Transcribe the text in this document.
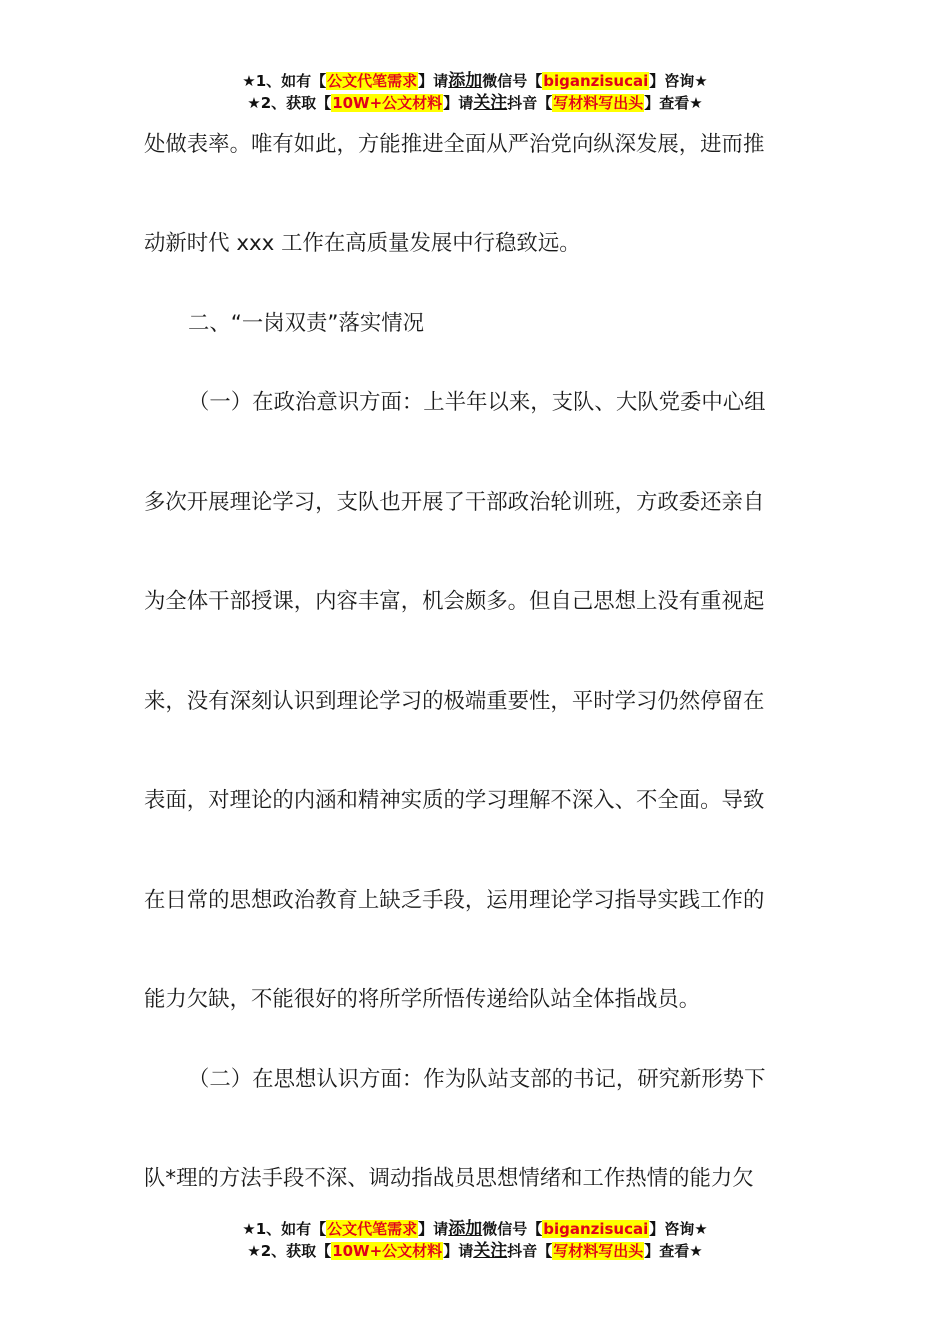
★1、如有【公文代笔需求】请添加微信号【biganzisucai】咨询★
★2、获取【10W+公文材料】请关注抖音【写材料写出头】查看★
处做表率。唯有如此，方能推进全面从严治党向纵深发展，进而推
动新时代 xxx 工作在高质量发展中行稳致远。
二、“一岗双责”落实情况
（一）在政治意识方面：上半年以来，支队、大队党委中心组
多次开展理论学习，支队也开展了干部政治轮训班，方政委还亲自
为全体干部授课，内容丰富，机会颇多。但自己思想上没有重视起
来，没有深刻认识到理论学习的极端重要性，平时学习仍然停留在
表面，对理论的内涵和精神实质的学习理解不深入、不全面。导致
在日常的思想政治教育上缺乏手段，运用理论学习指导实践工作的
能力欠缺，不能很好的将所学所悟传递给队站全体指战员。
（二）在思想认识方面：作为队站支部的书记，研究新形势下
队*理的方法手段不深、调动指战员思想情绪和工作热情的能力欠
★1、如有【公文代笔需求】请添加微信号【biganzisucai】咨询★
★2、获取【10W+公文材料】请关注抖音【写材料写出头】查看★
